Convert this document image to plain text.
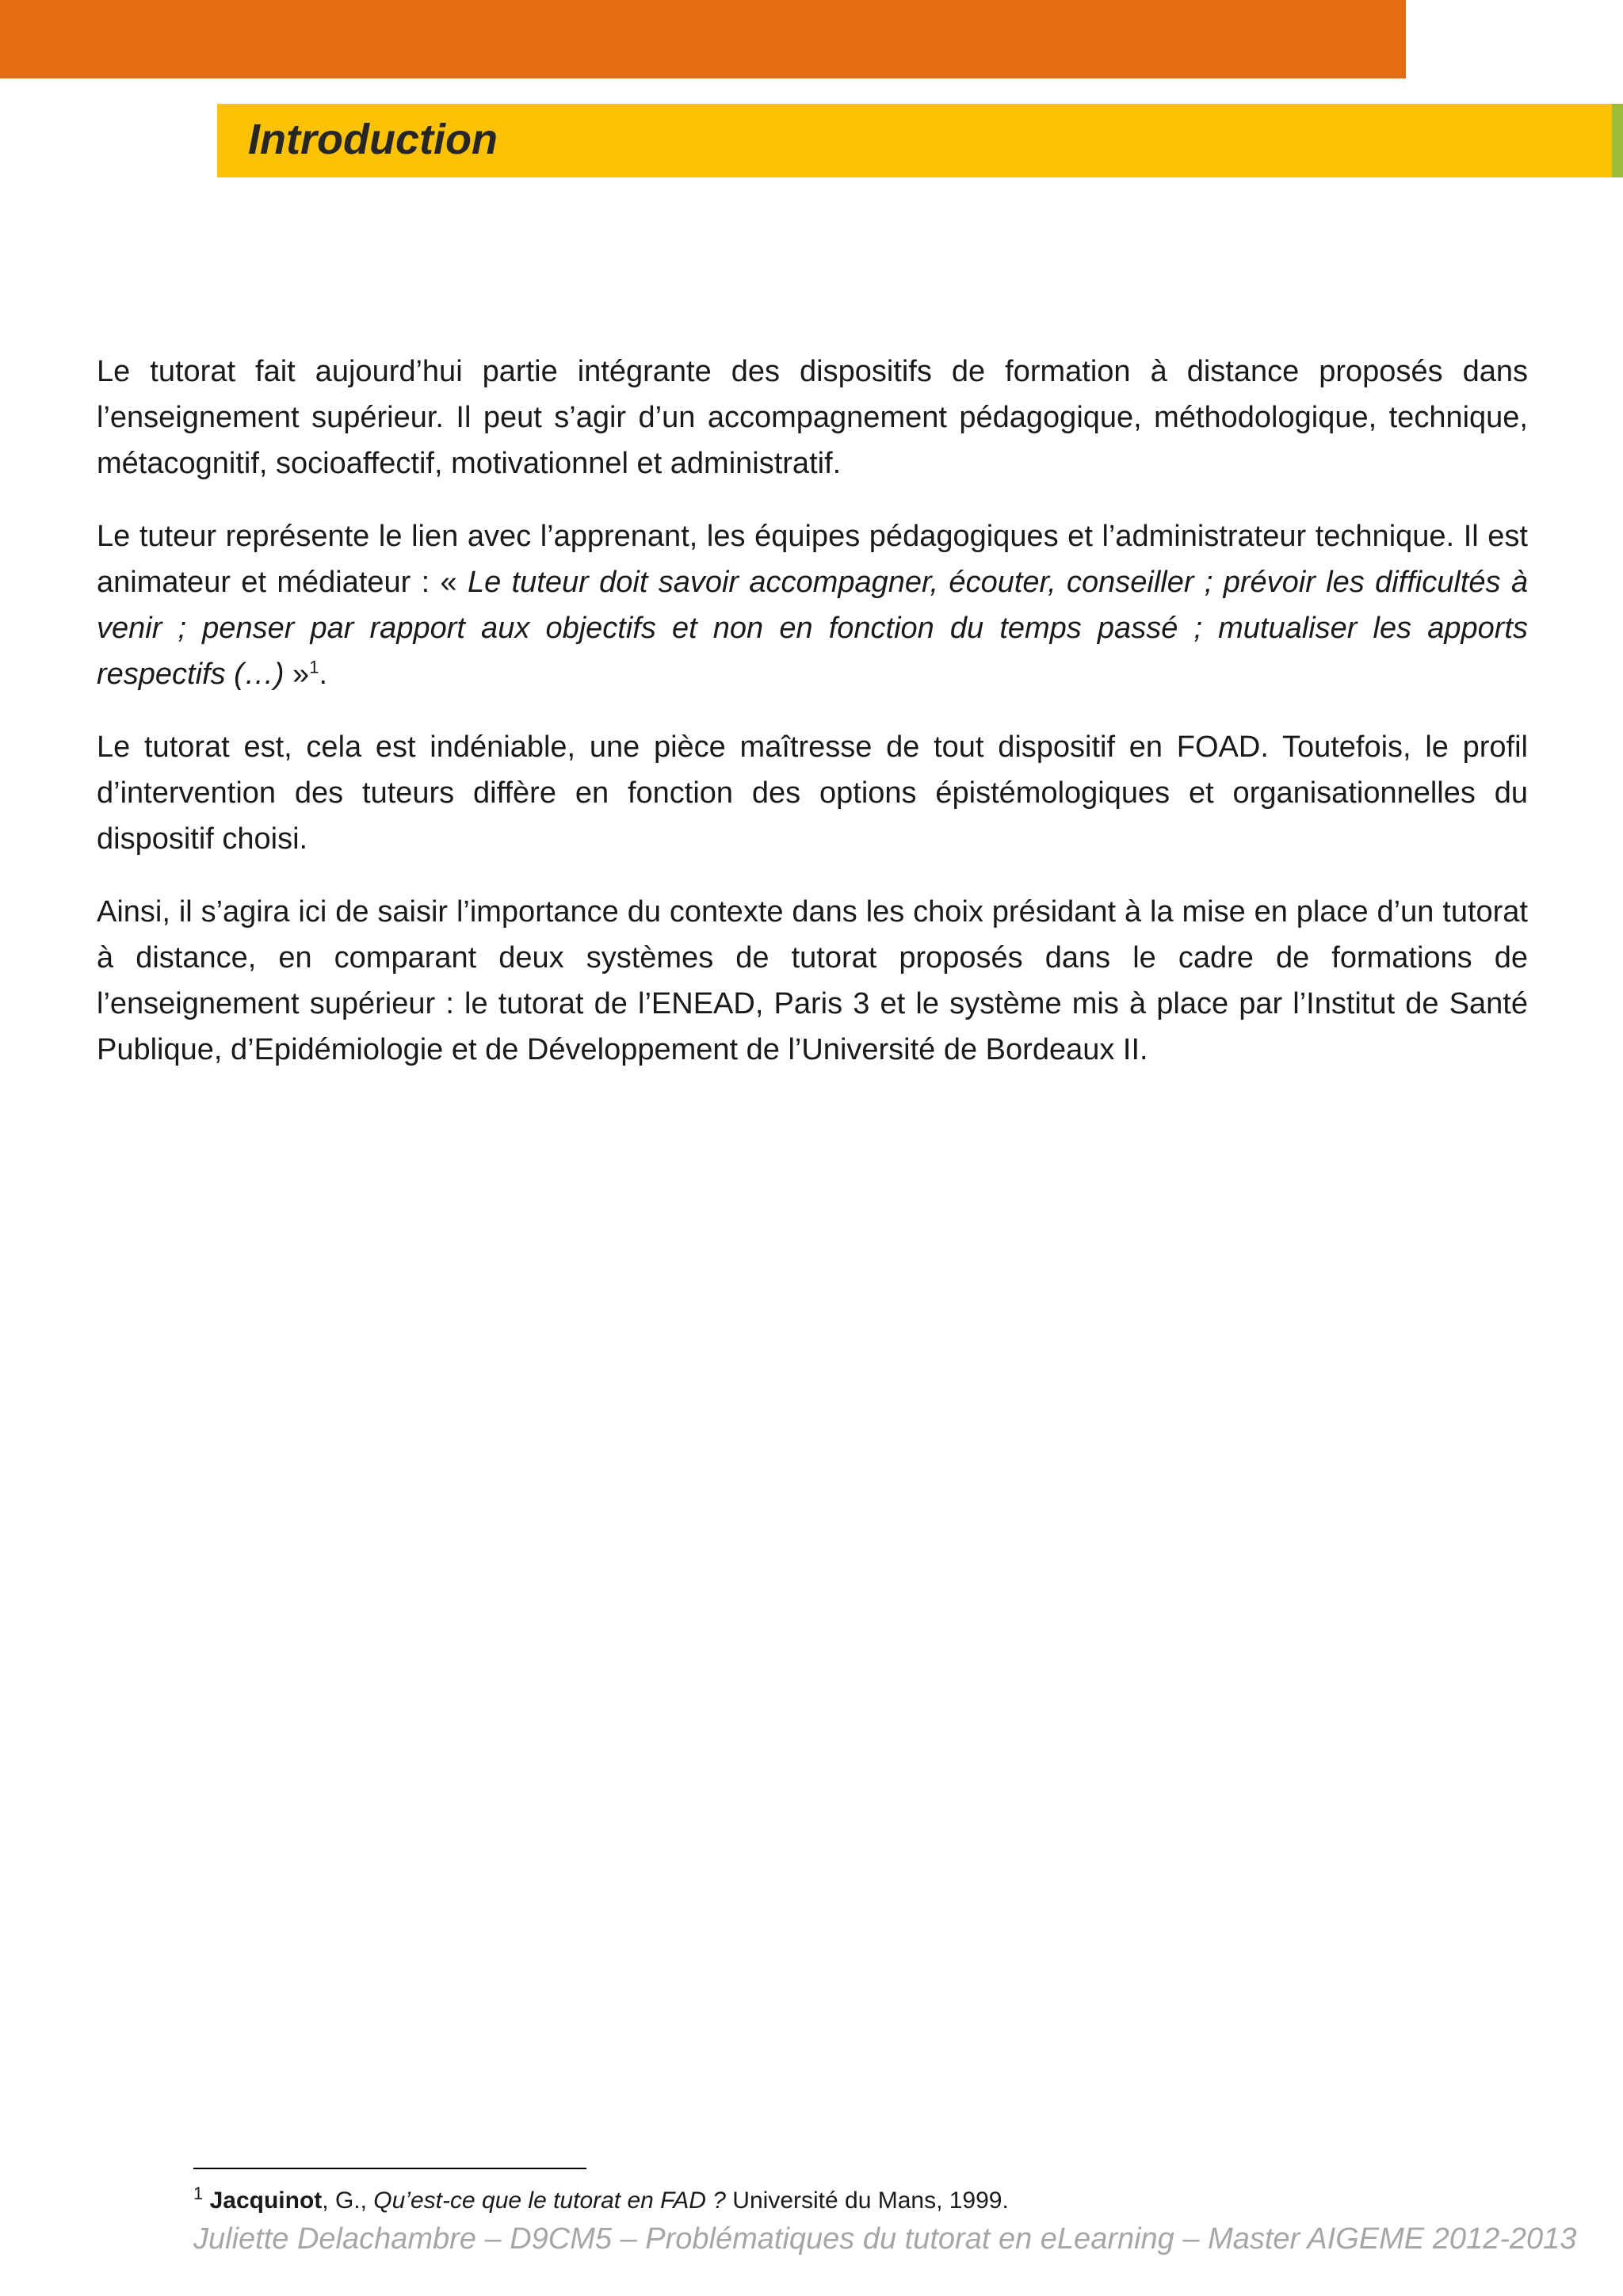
Introduction

Le tutorat fait aujourd’hui partie intégrante des dispositifs de formation à distance proposés dans l’enseignement supérieur. Il peut s’agir d’un accompagnement pédagogique, méthodologique, technique, métacognitif, socioaffectif, motivationnel et administratif.

Le tuteur représente le lien avec l’apprenant, les équipes pédagogiques et l’administrateur technique. Il est animateur et médiateur : « Le tuteur doit savoir accompagner, écouter, conseiller ; prévoir les difficultés à venir ; penser par rapport aux objectifs et non en fonction du temps passé ; mutualiser les apports respectifs (…) »$^1$.

Le tutorat est, cela est indéniable, une pièce maîtresse de tout dispositif en FOAD. Toutefois, le profil d’intervention des tuteurs diffère en fonction des options épistémologiques et organisationnelles du dispositif choisi.

Ainsi, il s’agira ici de saisir l’importance du contexte dans les choix présidant à la mise en place d’un tutorat à distance, en comparant deux systèmes de tutorat proposés dans le cadre de formations de l’enseignement supérieur : le tutorat de l’ENEAD, Paris 3 et le système mis à place par l’Institut de Santé Publique, d’Epidémiologie et de Développement de l’Université de Bordeaux II.

$^1$ Jacquinot, G., Qu’est-ce que le tutorat en FAD ? Université du Mans, 1999.
Juliette Delachambre – D9CM5 – Problématiques du tutorat en eLearning – Master AIGEME 2012-2013
